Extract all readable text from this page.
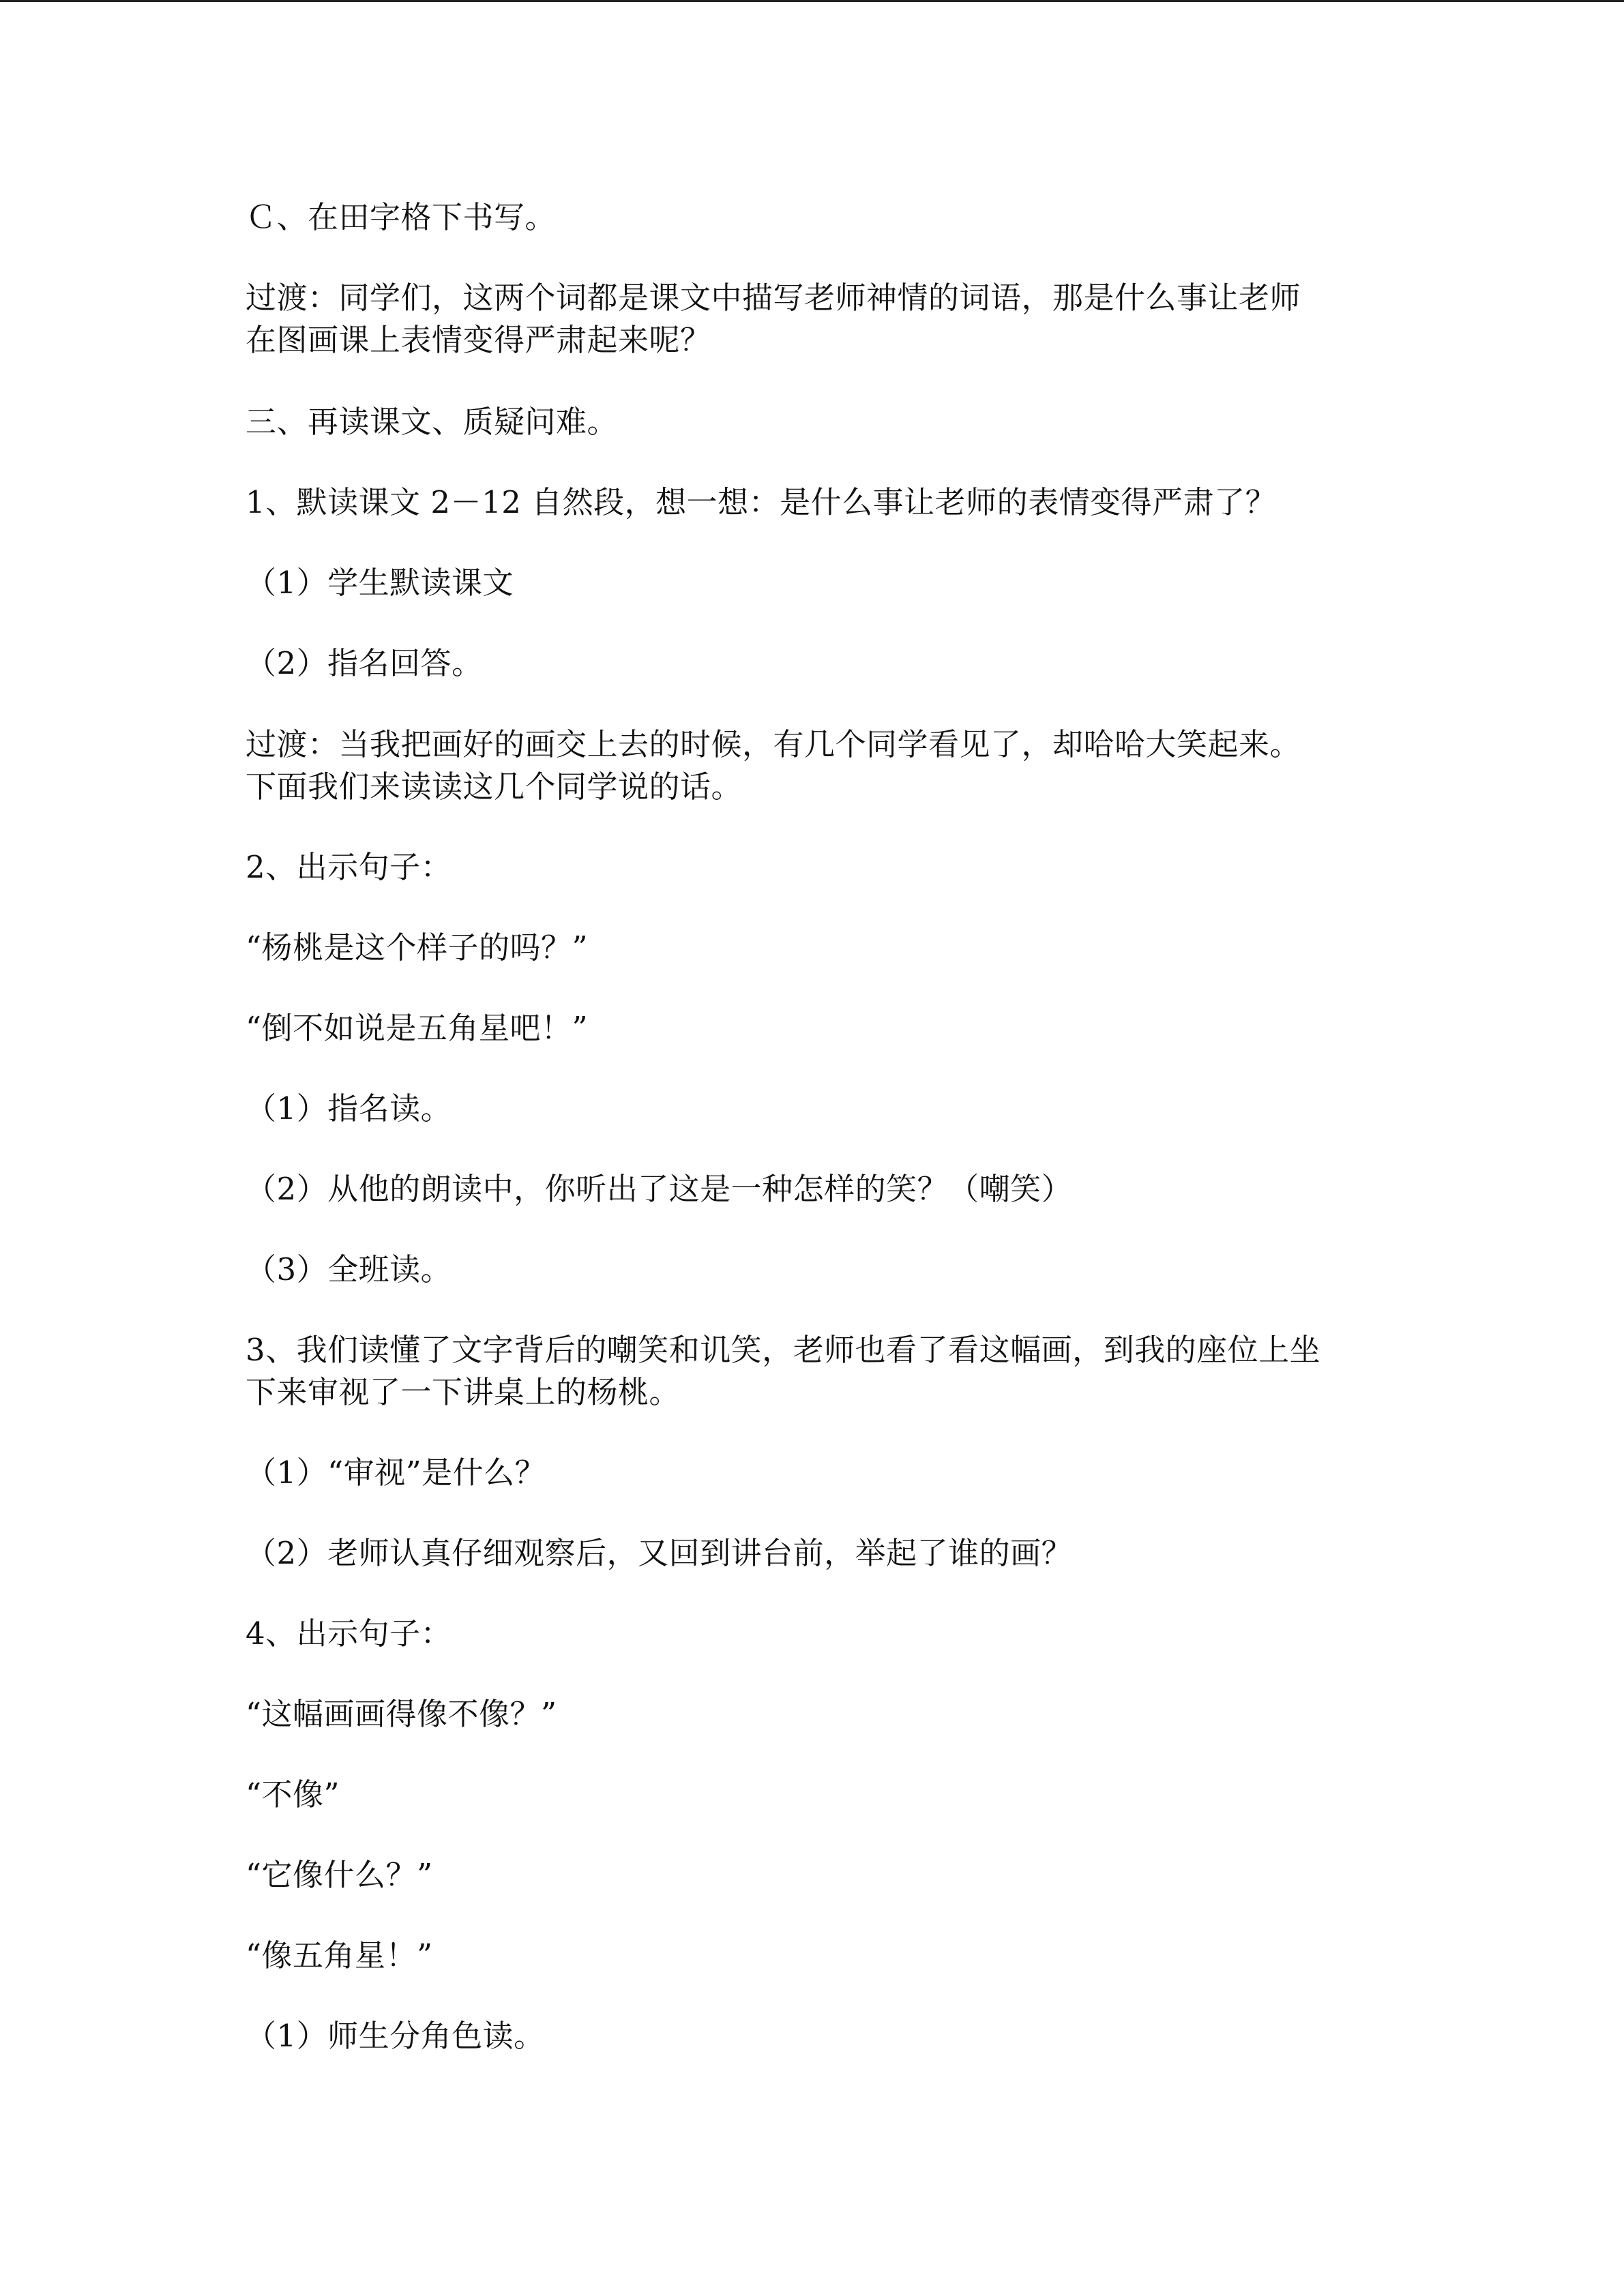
Ｃ、在田字格下书写。
过渡：同学们，这两个词都是课文中描写老师神情的词语，那是什么事让老师
在图画课上表情变得严肃起来呢？
三、再读课文、质疑问难。
1、默读课文 2－12 自然段，想一想：是什么事让老师的表情变得严肃了？
（1）学生默读课文
（2）指名回答。
过渡：当我把画好的画交上去的时候，有几个同学看见了，却哈哈大笑起来。
下面我们来读读这几个同学说的话。
2、出示句子：
“杨桃是这个样子的吗？”
“倒不如说是五角星吧！”
（1）指名读。
（2）从他的朗读中，你听出了这是一种怎样的笑？（嘲笑）
（3）全班读。
3、我们读懂了文字背后的嘲笑和讥笑，老师也看了看这幅画，到我的座位上坐
下来审视了一下讲桌上的杨桃。
（1）“审视”是什么？
（2）老师认真仔细观察后，又回到讲台前，举起了谁的画？
4、出示句子：
“这幅画画得像不像？”
“不像”
“它像什么？”
“像五角星！”
（1）师生分角色读。
